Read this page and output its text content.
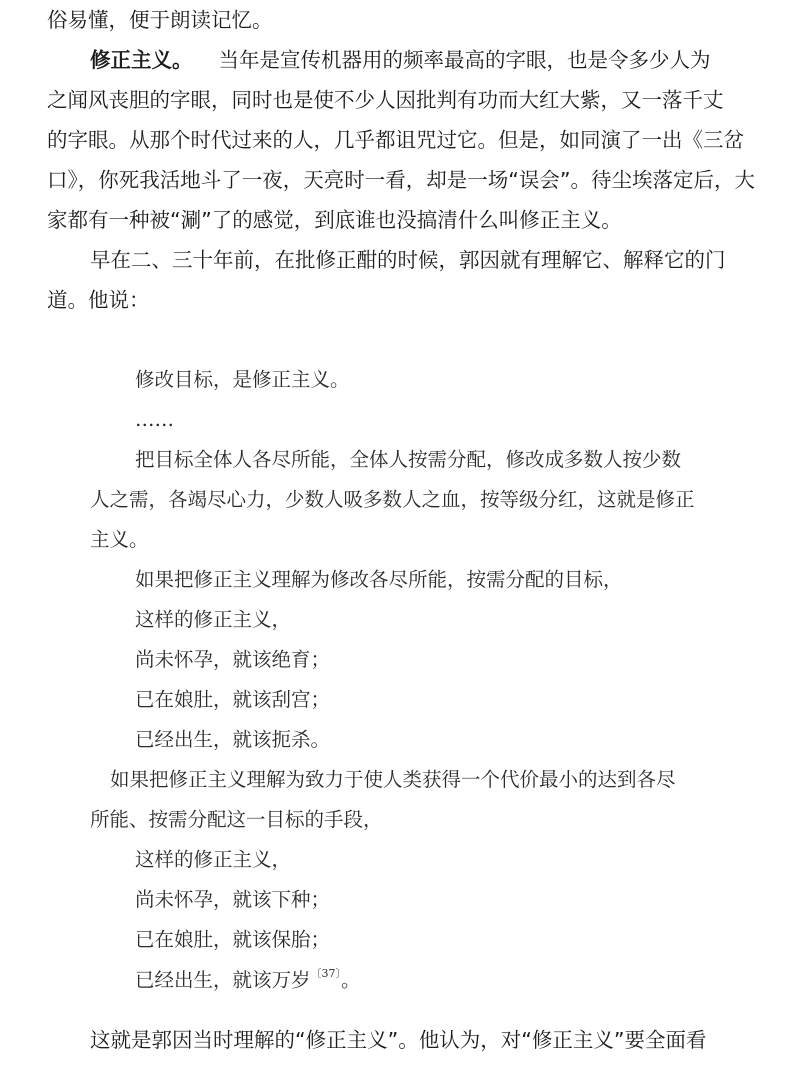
俗易懂，便于朗读记忆。
修正主义。 当年是宣传机器用的频率最高的字眼，也是令多少人为
之闻风丧胆的字眼，同时也是使不少人因批判有功而大红大紫，又一落千丈
的字眼。从那个时代过来的人，几乎都诅咒过它。但是，如同演了一出《三岔
口》，你死我活地斗了一夜，天亮时一看，却是一场“误会”。待尘埃落定后，大
家都有一种被“涮”了的感觉，到底谁也没搞清什么叫修正主义。
早在二、三十年前，在批修正酣的时候，郭因就有理解它、解释它的门
道。他说：
修改目标，是修正主义。
……
把目标全体人各尽所能，全体人按需分配，修改成多数人按少数
人之需，各竭尽心力，少数人吸多数人之血，按等级分红，这就是修正
主义。
如果把修正主义理解为修改各尽所能，按需分配的目标，
这样的修正主义，
尚未怀孕，就该绝育；
已在娘肚，就该刮宫；
已经出生，就该扼杀。
如果把修正主义理解为致力于使人类获得一个代价最小的达到各尽
所能、按需分配这一目标的手段，
这样的修正主义，
尚未怀孕，就该下种；
已在娘肚，就该保胎；
已经出生，就该万岁$^{〔37〕}$。
这就是郭因当时理解的“修正主义”。他认为，对“修正主义”要全面看
